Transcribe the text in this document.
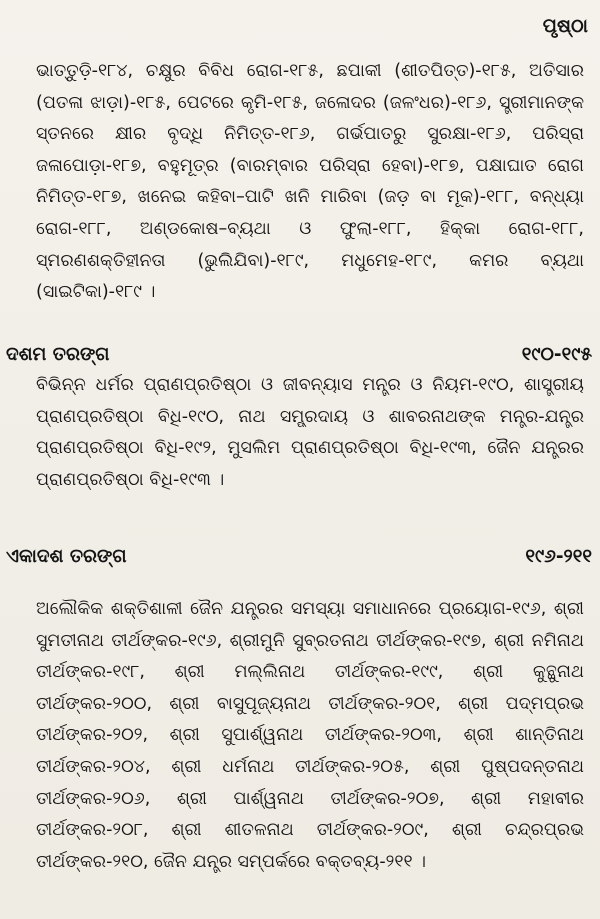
ପୃଷ୍ଠା

ଭାତ୍ତୁଡ଼ି-୧୮୪, ଚକ୍ଷୁର ବିବିଧ ରୋଗ-୧୮୫, ଛପାକୀ (ଶୀତପିତ୍ତ)-୧୮୫, ଅତିସାର (ପତଳା ଝାଡ଼ା)-୧୮୫, ପେଟରେ କୃମି-୧୮୫, ଜଳୋଦର (ଜଳଂଧର)-୧୮୬, ସ୍ତ୍ରୀମାନଙ୍କ ସ୍ତନରେ କ୍ଷୀର ବୃଦ୍ଧି ନିମିତ୍ତ-୧୮୬, ଗର୍ଭପାତରୁ ସୁରକ୍ଷା-୧୮୬, ପରିସ୍ରା ଜଳାପୋଡ଼ା-୧୮୭, ବହୁମୂତ୍ର (ବାରମ୍ବାର ପରିସ୍ରା ହେବା)-୧୮୭, ପକ୍ଷାଘାତ ରୋଗ ନିମିତ୍ତ-୧୮୭, ଖନେଇ କହିବା–ପାଟି ଖନି ମାରିବା (ଜଡ଼ ବା ମୂକ)-୧୮୮, ବନ୍ଧ୍ୟା ରୋଗ-୧୮୮, ଅଣ୍ଡକୋଷ–ବ୍ୟଥା ଓ ଫୁଲା-୧୮୮, ହିକ୍କା ରୋଗ-୧୮୮, ସ୍ମରଣଶକ୍ତିହୀନତା (ଭୁଲିଯିବା)-୧୮୯, ମଧୁମେହ-୧୮୯, କମର ବ୍ୟଥା (ସାଇଟିକା)-୧୮୯ ।

ଦଶମ ତରଙ୍ଗ	୧୯୦-୧୯୫

ବିଭିନ୍ନ ଧର୍ମର ପ୍ରାଣପ୍ରତିଷ୍ଠା ଓ ଜୀବନ୍ୟାସ ମନ୍ତ୍ର ଓ ନିୟମ-୧୯୦, ଶାସ୍ତ୍ରୀୟ ପ୍ରାଣପ୍ରତିଷ୍ଠା ବିଧି-୧୯୦, ନାଥ ସମ୍ପ୍ରଦାୟ ଓ ଶାବରନାଥଙ୍କ ମନ୍ତ୍ର-ଯନ୍ତ୍ର ପ୍ରାଣପ୍ରତିଷ୍ଠା ବିଧି-୧୯୨, ମୁସଲିମ ପ୍ରାଣପ୍ରତିଷ୍ଠା ବିଧି-୧୯୩, ଜୈନ ଯନ୍ତ୍ରର ପ୍ରାଣପ୍ରତିଷ୍ଠା ବିଧି-୧୯୩ ।

ଏକାଦଶ ତରଙ୍ଗ	୧୯୬-୨୧୧

ଅଲୌକିକ ଶକ୍ତିଶାଳୀ ଜୈନ ଯନ୍ତ୍ରର ସମସ୍ୟା ସମାଧାନରେ ପ୍ରୟୋଗ-୧୯୬, ଶ୍ରୀ ସୁମତୀନାଥ ତୀର୍ଥଙ୍କର-୧୯୬, ଶ୍ରୀମୁନି ସୁବ୍ରତନାଥ ତୀର୍ଥଙ୍କର-୧୯୭, ଶ୍ରୀ ନମିନାଥ ତୀର୍ଥଙ୍କର-୧୯୮, ଶ୍ରୀ ମଲ୍ଲିନାଥ ତୀର୍ଥଙ୍କର-୧୯୯, ଶ୍ରୀ କୁନ୍ଥୁନାଥ ତୀର୍ଥଙ୍କର-୨୦୦, ଶ୍ରୀ ବାସୁପୂଜ୍ୟନାଥ ତୀର୍ଥଙ୍କର-୨୦୧, ଶ୍ରୀ ପଦ୍ମପ୍ରଭ ତୀର୍ଥଙ୍କର-୨୦୨, ଶ୍ରୀ ସୁପାର୍ଶ୍ୱନାଥ ତୀର୍ଥଙ୍କର-୨୦୩, ଶ୍ରୀ ଶାନ୍ତିନାଥ ତୀର୍ଥଙ୍କର-୨୦୪, ଶ୍ରୀ ଧର୍ମନାଥ ତୀର୍ଥଙ୍କର-୨୦୫, ଶ୍ରୀ ପୁଷ୍ପଦନ୍ତନାଥ ତୀର୍ଥଙ୍କର-୨୦୬, ଶ୍ରୀ ପାର୍ଶ୍ୱନାଥ ତୀର୍ଥଙ୍କର-୨୦୭, ଶ୍ରୀ ମହାବୀର ତୀର୍ଥଙ୍କର-୨୦୮, ଶ୍ରୀ ଶୀତଳନାଥ ତୀର୍ଥଙ୍କର-୨୦୯, ଶ୍ରୀ ଚନ୍ଦ୍ରପ୍ରଭ ତୀର୍ଥଙ୍କର-୨୧୦, ଜୈନ ଯନ୍ତ୍ର ସମ୍ପର୍କରେ ବକ୍ତବ୍ୟ-୨୧୧ ।
